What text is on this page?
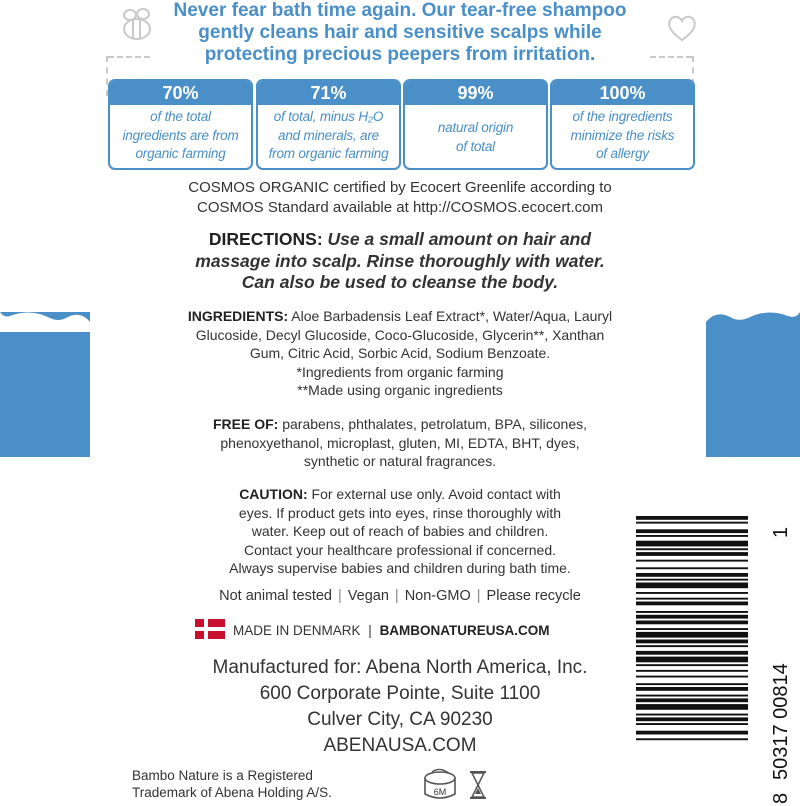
Never fear bath time again. Our tear-free shampoo
gently cleans hair and sensitive scalps while
protecting precious peepers from irritation.
70%
of the total
ingredients are from
organic farming
71%
of total, minus H₂O
and minerals, are
from organic farming
99%
natural origin
of total
100%
of the ingredients
minimize the risks
of allergy
COSMOS ORGANIC certified by Ecocert Greenlife according to
COSMOS Standard available at http://COSMOS.ecocert.com
DIRECTIONS: Use a small amount on hair and
massage into scalp. Rinse thoroughly with water.
Can also be used to cleanse the body.
INGREDIENTS: Aloe Barbadensis Leaf Extract*, Water/Aqua, Lauryl
Glucoside, Decyl Glucoside, Coco-Glucoside, Glycerin**, Xanthan
Gum, Citric Acid, Sorbic Acid, Sodium Benzoate.
*Ingredients from organic farming
**Made using organic ingredients
FREE OF: parabens, phthalates, petrolatum, BPA, silicones,
phenoxyethanol, microplast, gluten, MI, EDTA, BHT, dyes,
synthetic or natural fragrances.
CAUTION: For external use only. Avoid contact with
eyes. If product gets into eyes, rinse thoroughly with
water. Keep out of reach of babies and children.
Contact your healthcare professional if concerned.
Always supervise babies and children during bath time.
Not animal tested | Vegan | Non-GMO | Please recycle
MADE IN DENMARK | BAMBONATUREUSA.COM
Manufactured for: Abena North America, Inc.
600 Corporate Pointe, Suite 1100
Culver City, CA 90230
ABENAUSA.COM
Bambo Nature is a Registered
Trademark of Abena Holding A/S.	6M
8
50317 00814
1
